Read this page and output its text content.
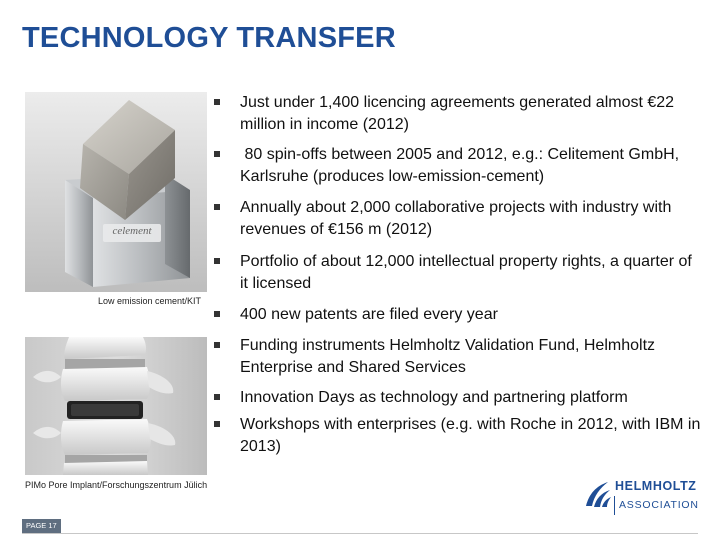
TECHNOLOGY TRANSFER
celement
Low emission cement/KIT
PIMo Pore Implant/Forschungszentrum Jülich
Just under 1,400 licencing agreements generated almost €22 million in income (2012)
80 spin-offs between 2005 and 2012, e.g.: Celitement GmbH, Karlsruhe (produces low-emission-cement)
Annually about 2,000 collaborative projects with industry with revenues of €156 m (2012)
Portfolio of about 12,000 intellectual property rights, a quarter of it licensed
400 new patents are filed every year
Funding instruments Helmholtz Validation Fund, Helmholtz Enterprise and Shared Services
Innovation Days as technology and partnering platform
Workshops with enterprises (e.g. with Roche in 2012, with IBM in 2013)
HELMHOLTZ
ASSOCIATION
PAGE 17
